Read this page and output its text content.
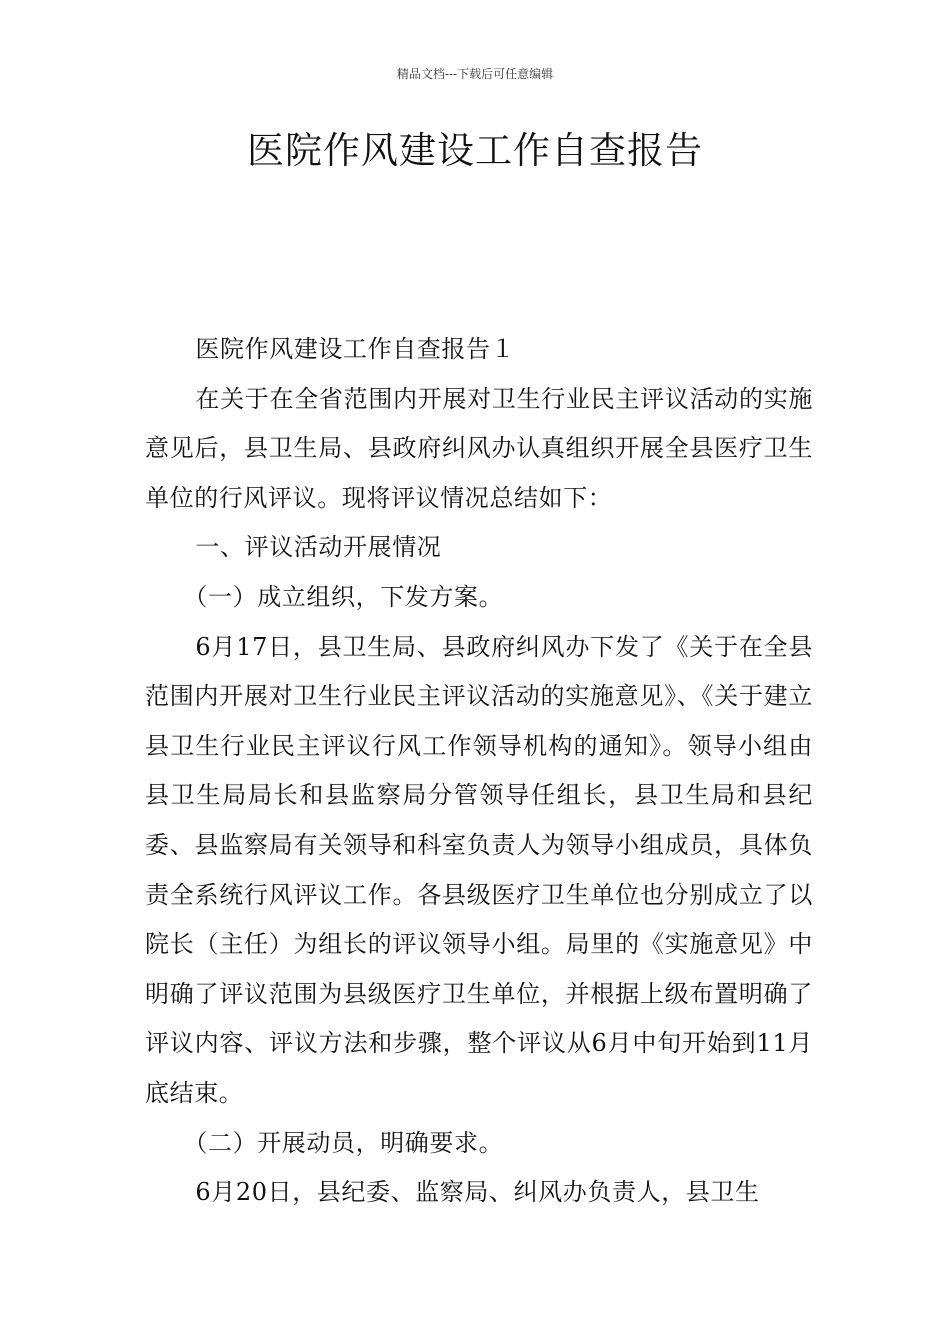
精品文档---下载后可任意编辑
医院作风建设工作自查报告

医院作风建设工作自查报告１

在关于在全省范围内开展对卫生行业民主评议活动的实施意见后，县卫生局、县政府纠风办认真组织开展全县医疗卫生单位的行风评议。现将评议情况总结如下：

一、评议活动开展情况

（一）成立组织，下发方案。

6月17日，县卫生局、县政府纠风办下发了《关于在全县范围内开展对卫生行业民主评议活动的实施意见》、《关于建立县卫生行业民主评议行风工作领导机构的通知》。领导小组由县卫生局局长和县监察局分管领导任组长，县卫生局和县纪委、县监察局有关领导和科室负责人为领导小组成员，具体负责全系统行风评议工作。各县级医疗卫生单位也分别成立了以院长（主任）为组长的评议领导小组。局里的《实施意见》中明确了评议范围为县级医疗卫生单位，并根据上级布置明确了评议内容、评议方法和步骤，整个评议从6月中旬开始到11月底结束。

（二）开展动员，明确要求。

6月20日，县纪委、监察局、纠风办负责人，县卫生
